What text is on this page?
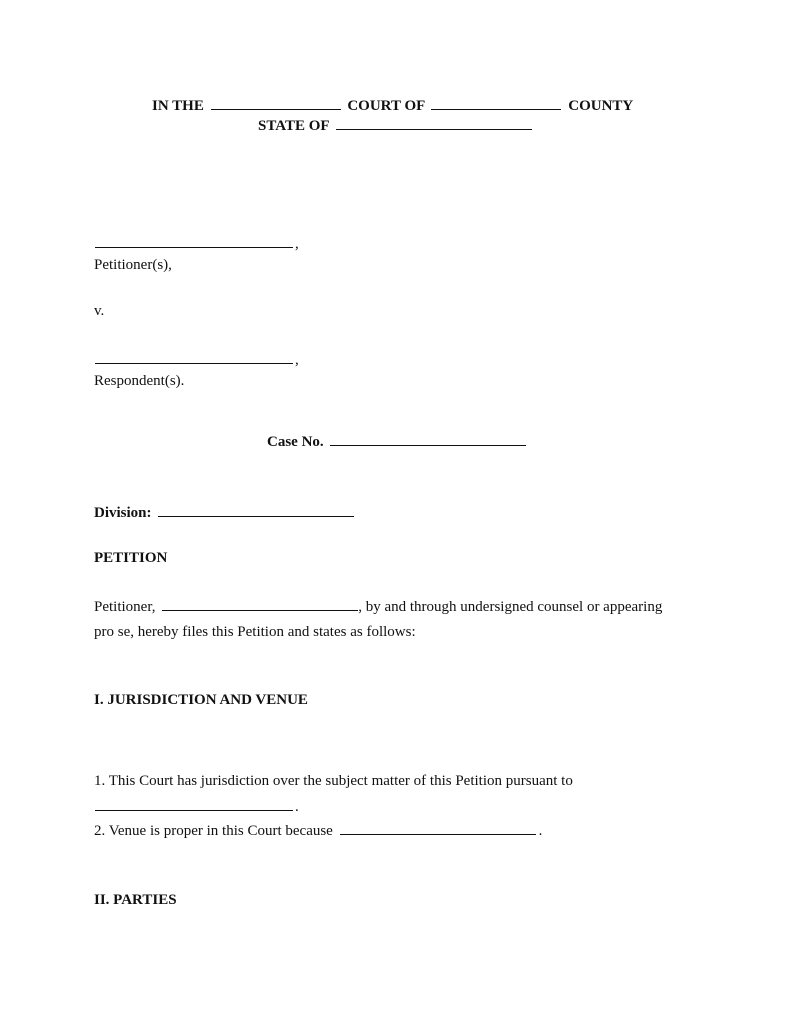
IN THE	COURT OF	COUNTY
STATE OF
,
Petitioner(s),
v.
,
Respondent(s).
Case No.
Division:
PETITION
Petitioner,	, by and through undersigned counsel or appearing
pro se, hereby files this Petition and states as follows:
I. JURISDICTION AND VENUE
1. This Court has jurisdiction over the subject matter of this Petition pursuant to
.
2. Venue is proper in this Court because	.
II. PARTIES
